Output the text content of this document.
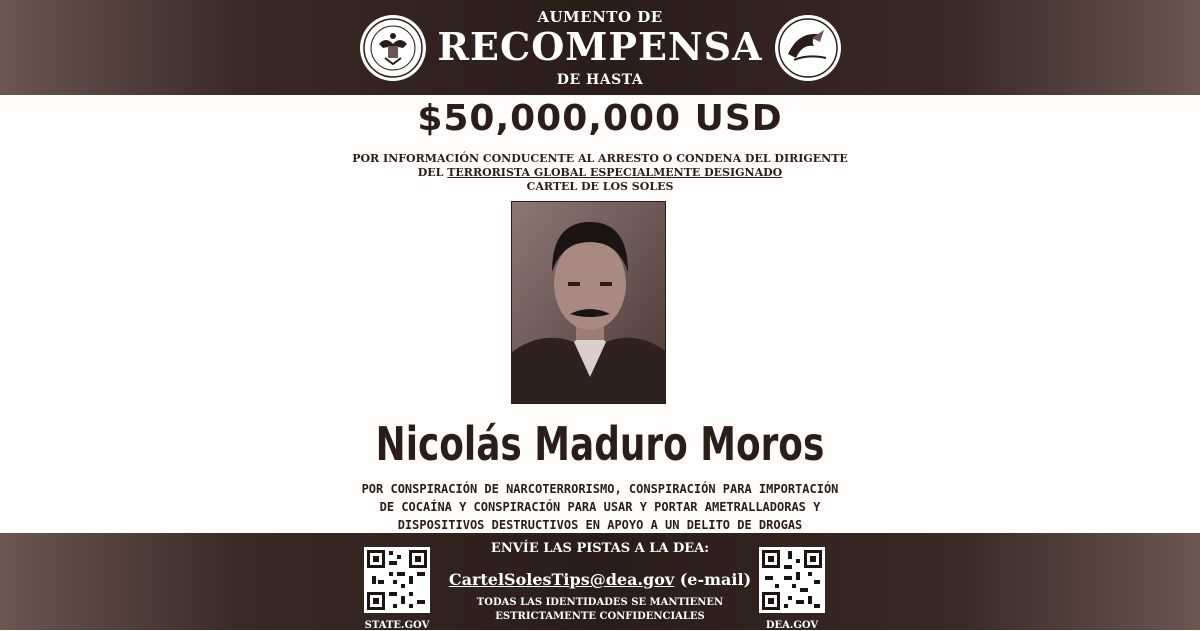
AUMENTO DE
RECOMPENSA
DE HASTA
$50,000,000 USD
POR INFORMACIÓN CONDUCENTE AL ARRESTO O CONDENA DEL DIRIGENTE
DEL TERRORISTA GLOBAL ESPECIALMENTE DESIGNADO
CARTEL DE LOS SOLES
Nicolás Maduro Moros
POR CONSPIRACIÓN DE NARCOTERRORISMO, CONSPIRACIÓN PARA IMPORTACIÓN
DE COCAÍNA Y CONSPIRACIÓN PARA USAR Y PORTAR AMETRALLADORAS Y
DISPOSITIVOS DESTRUCTIVOS EN APOYO A UN DELITO DE DROGAS
ENVÍE LAS PISTAS A LA DEA:
CartelSolesTips@dea.gov (e-mail)
TODAS LAS IDENTIDADES SE MANTIENEN
ESTRICTAMENTE CONFIDENCIALES
STATE.GOV	DEA.GOV
